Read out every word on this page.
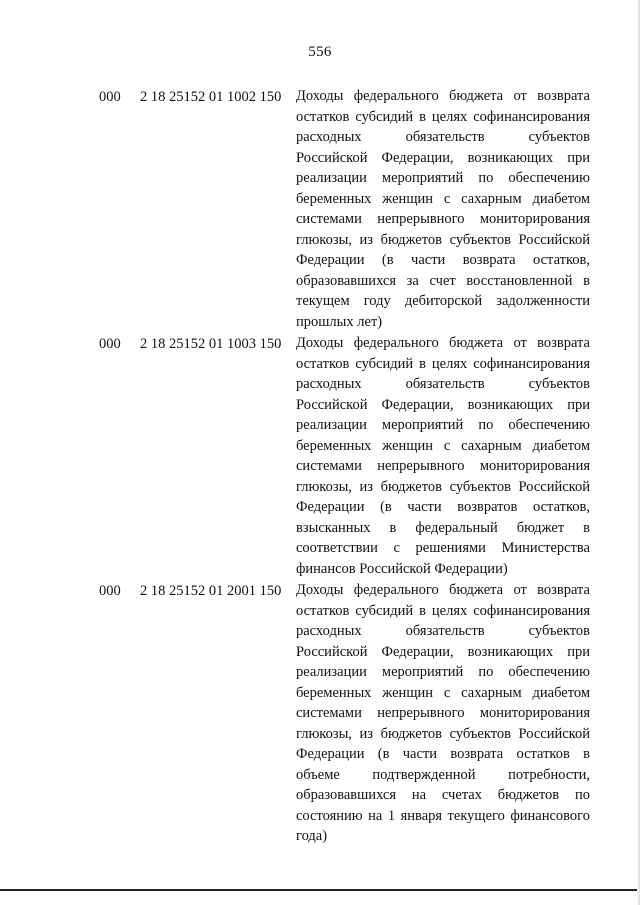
556
000 2 18 25152 01 1002 150 Доходы федерального бюджета от возврата
остатков субсидий в целях софинансирования
расходных обязательств субъектов
Российской Федерации, возникающих при
реализации мероприятий по обеспечению
беременных женщин с сахарным диабетом
системами непрерывного мониторирования
глюкозы, из бюджетов субъектов Российской
Федерации (в части возврата остатков,
образовавшихся за счет восстановленной в
текущем году дебиторской задолженности
прошлых лет)
000 2 18 25152 01 1003 150 Доходы федерального бюджета от возврата
остатков субсидий в целях софинансирования
расходных обязательств субъектов
Российской Федерации, возникающих при
реализации мероприятий по обеспечению
беременных женщин с сахарным диабетом
системами непрерывного мониторирования
глюкозы, из бюджетов субъектов Российской
Федерации (в части возвратов остатков,
взысканных в федеральный бюджет в
соответствии с решениями Министерства
финансов Российской Федерации)
000 2 18 25152 01 2001 150 Доходы федерального бюджета от возврата
остатков субсидий в целях софинансирования
расходных обязательств субъектов
Российской Федерации, возникающих при
реализации мероприятий по обеспечению
беременных женщин с сахарным диабетом
системами непрерывного мониторирования
глюкозы, из бюджетов субъектов Российской
Федерации (в части возврата остатков в
объеме подтвержденной потребности,
образовавшихся на счетах бюджетов по
состоянию на 1 января текущего финансового
года)
